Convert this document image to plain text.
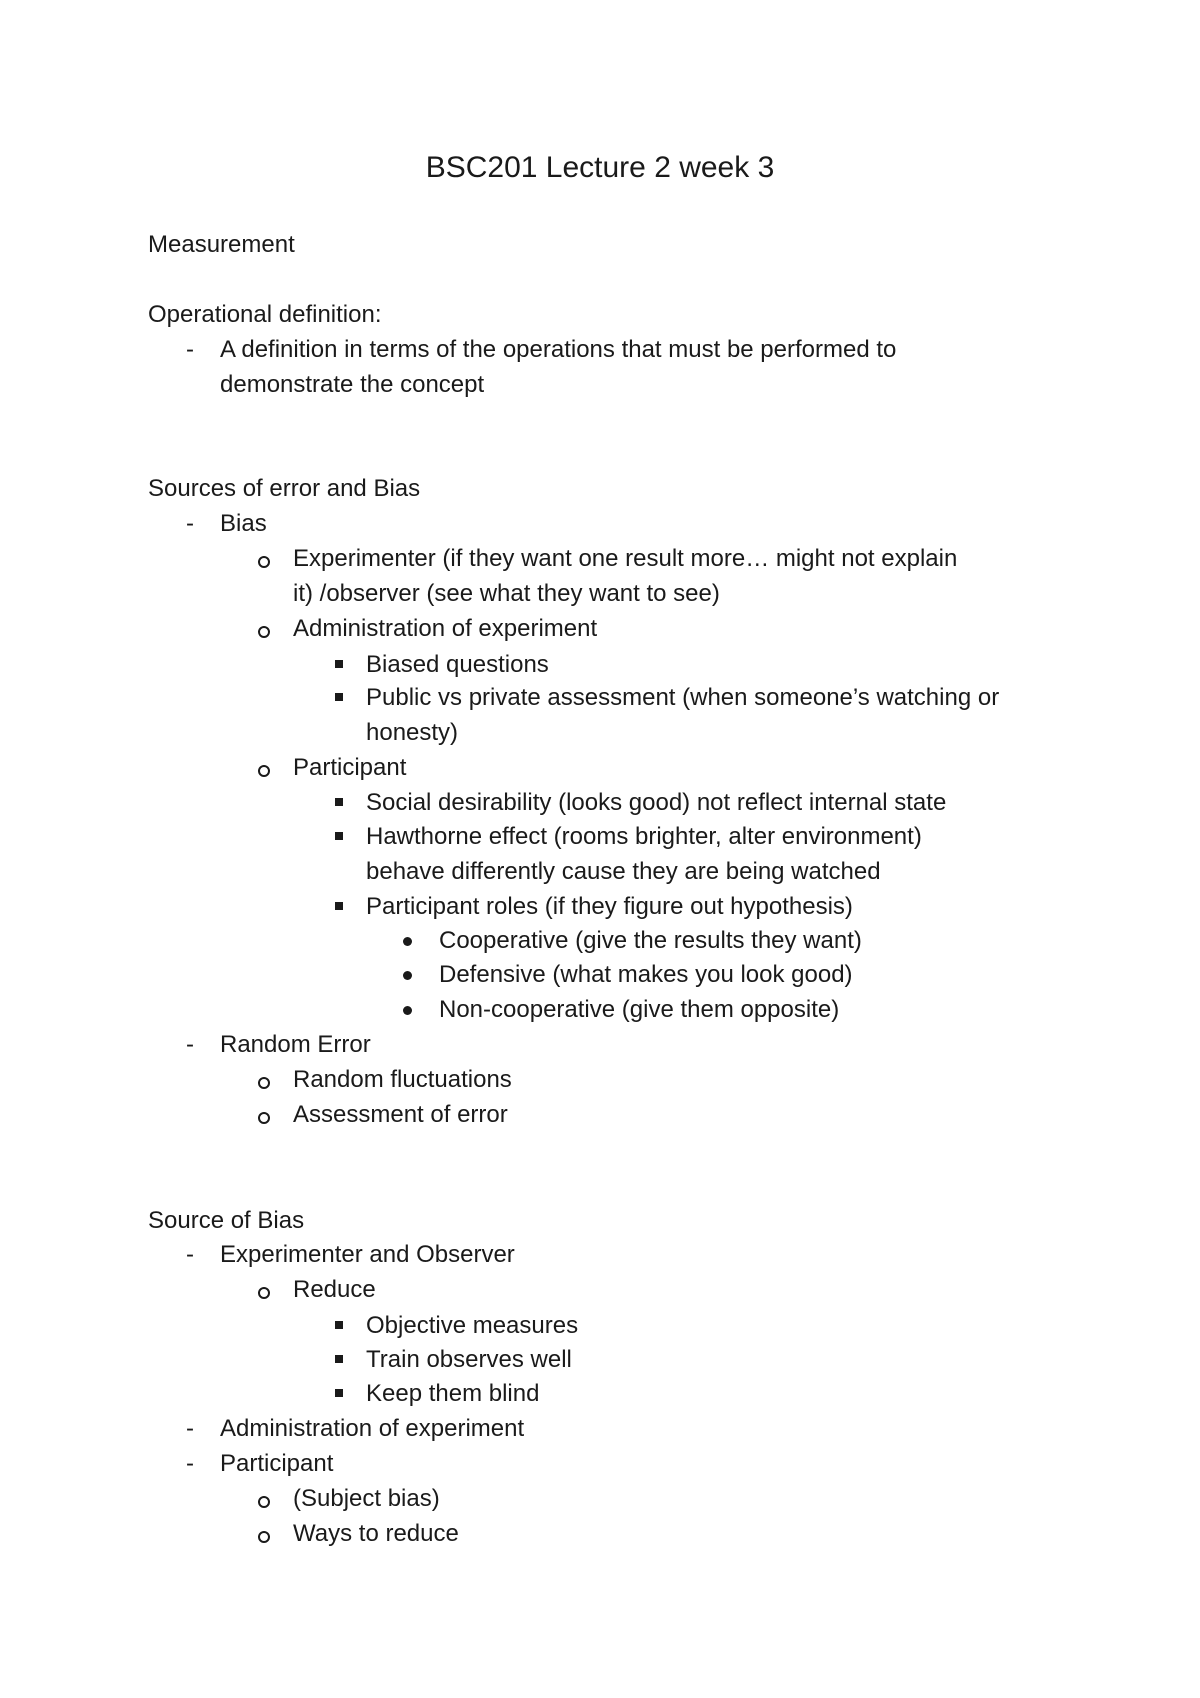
BSC201 Lecture 2 week 3
Measurement
Operational definition:
- A definition in terms of the operations that must be performed to
demonstrate the concept
Sources of error and Bias
- Bias
Experimenter (if they want one result more… might not explain
it) /observer (see what they want to see)
Administration of experiment
Biased questions
Public vs private assessment (when someone’s watching or
honesty)
Participant
Social desirability (looks good) not reflect internal state
Hawthorne effect (rooms brighter, alter environment)
behave differently cause they are being watched
Participant roles (if they figure out hypothesis)
Cooperative (give the results they want)
Defensive (what makes you look good)
Non-cooperative (give them opposite)
- Random Error
Random fluctuations
Assessment of error
Source of Bias
- Experimenter and Observer
Reduce
Objective measures
Train observes well
Keep them blind
- Administration of experiment
- Participant
(Subject bias)
Ways to reduce
